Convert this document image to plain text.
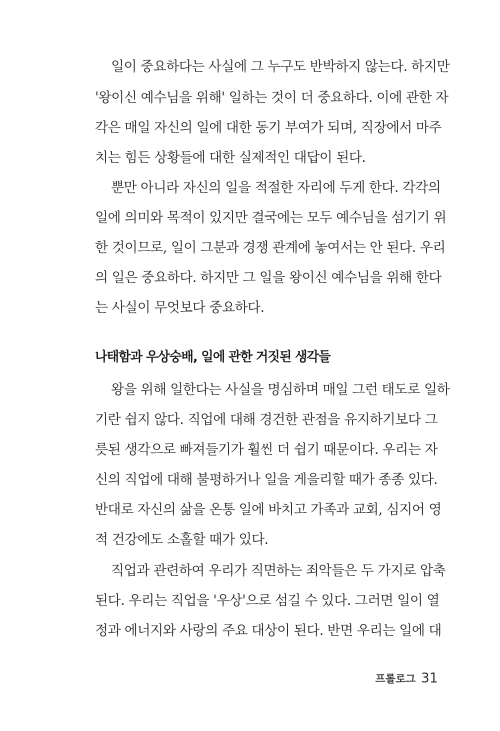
일이 중요하다는 사실에 그 누구도 반박하지 않는다. 하지만
'왕이신 예수님을 위해' 일하는 것이 더 중요하다. 이에 관한 자
각은 매일 자신의 일에 대한 동기 부여가 되며, 직장에서 마주
치는 힘든 상황들에 대한 실제적인 대답이 된다.
뿐만 아니라 자신의 일을 적절한 자리에 두게 한다. 각각의
일에 의미와 목적이 있지만 결국에는 모두 예수님을 섬기기 위
한 것이므로, 일이 그분과 경쟁 관계에 놓여서는 안 된다. 우리
의 일은 중요하다. 하지만 그 일을 왕이신 예수님을 위해 한다
는 사실이 무엇보다 중요하다.
나태함과 우상숭배, 일에 관한 거짓된 생각들
왕을 위해 일한다는 사실을 명심하며 매일 그런 태도로 일하
기란 쉽지 않다. 직업에 대해 경건한 관점을 유지하기보다 그
릇된 생각으로 빠져들기가 훨씬 더 쉽기 때문이다. 우리는 자
신의 직업에 대해 불평하거나 일을 게을리할 때가 종종 있다.
반대로 자신의 삶을 온통 일에 바치고 가족과 교회, 심지어 영
적 건강에도 소홀할 때가 있다.
직업과 관련하여 우리가 직면하는 죄악들은 두 가지로 압축
된다. 우리는 직업을 '우상'으로 섬길 수 있다. 그러면 일이 열
정과 에너지와 사랑의 주요 대상이 된다. 반면 우리는 일에 대
프롤로그 31
